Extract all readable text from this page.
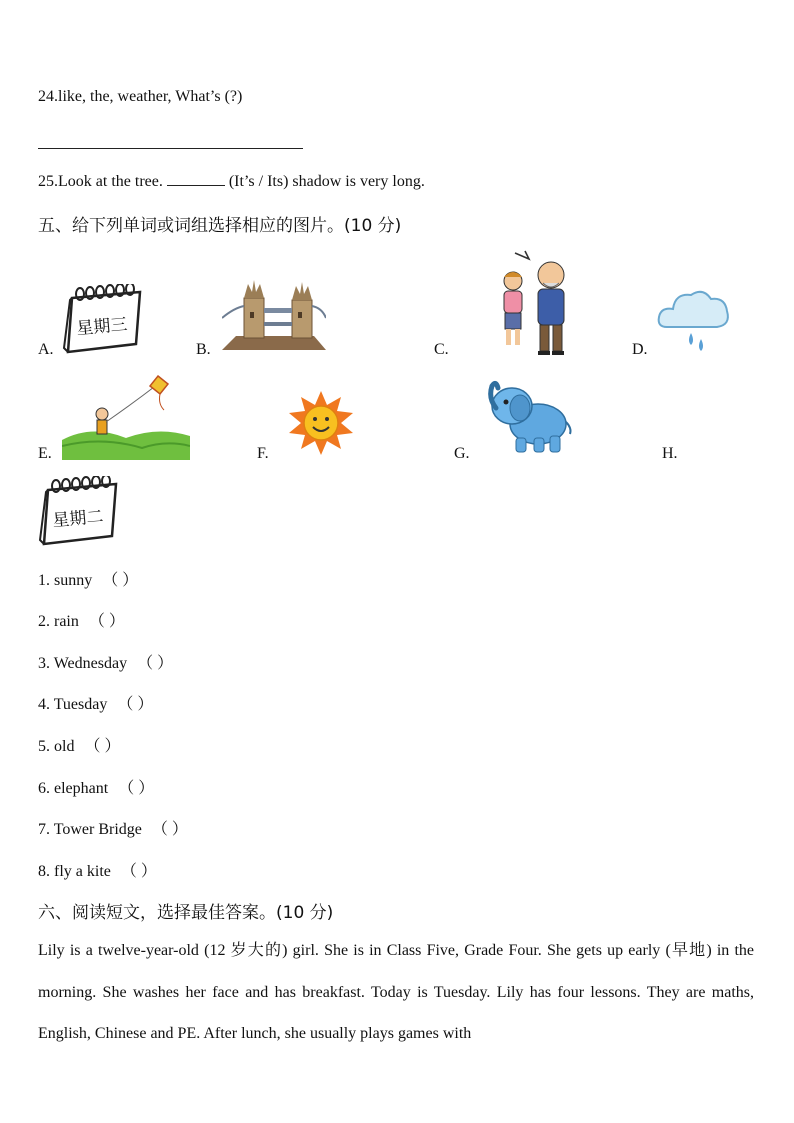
24.like, the, weather, What’s (?)
25.Look at the tree.	(It’s / Its) shadow is very long.
五、给下列单词或词组选择相应的图片。(10 分)
A.
星期三
B.	C.	D.
E.	F.	G.	H.
星期二
1. sunny （ ）
2. rain （ ）
3. Wednesday （ ）
4. Tuesday （ ）
5. old （ ）
6. elephant （ ）
7. Tower Bridge （ ）
8. fly a kite （ ）
六、阅读短文，选择最佳答案。(10 分)
Lily is a twelve-year-old (12 岁大的) girl. She is in Class Five, Grade Four. She gets up early (早地) in the morning. She washes her face and has breakfast. Today is Tuesday. Lily has four lessons. They are maths, English, Chinese and PE. After lunch, she usually plays games with
